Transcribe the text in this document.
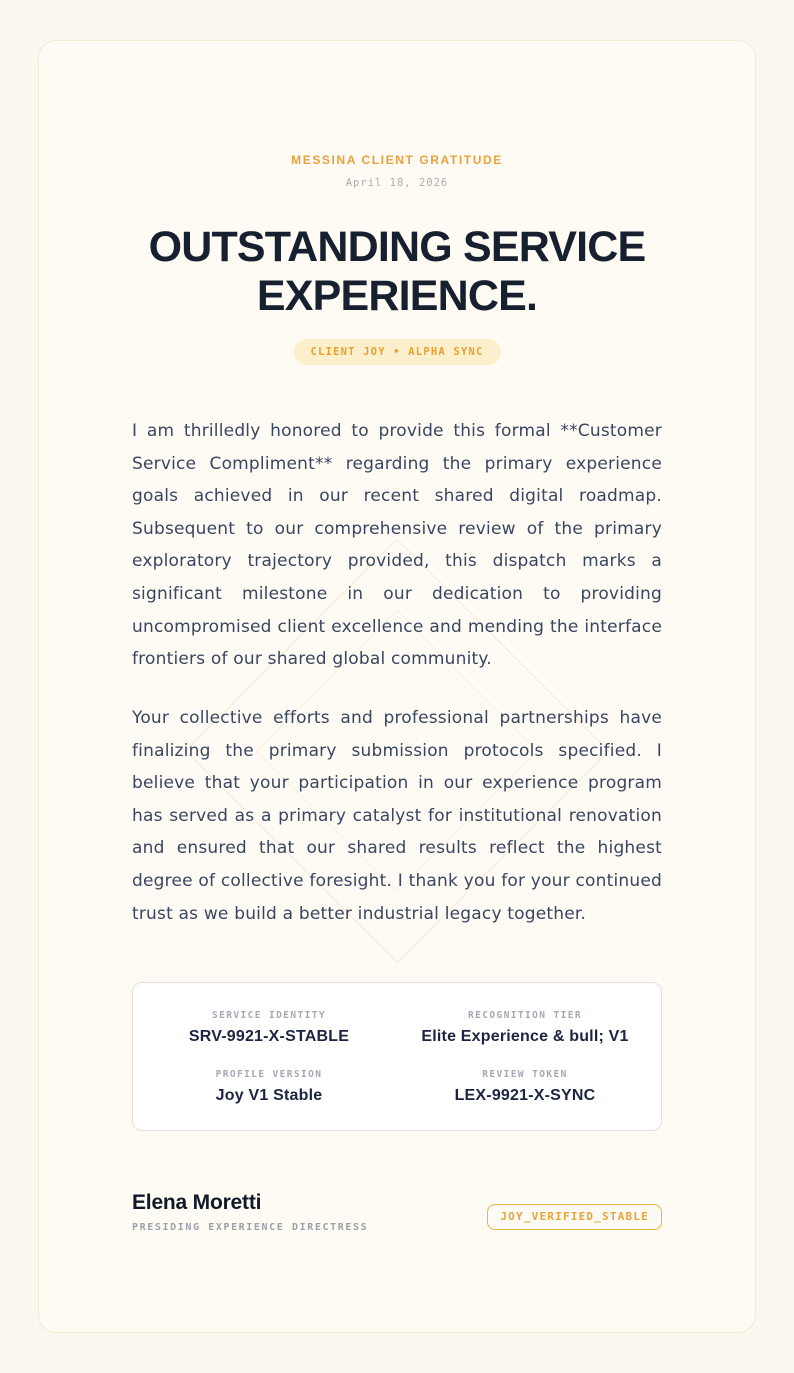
MESSINA CLIENT GRATITUDE
April 18, 2026
OUTSTANDING SERVICE EXPERIENCE.
CLIENT JOY • ALPHA SYNC

I am thrilledly honored to provide this formal **Customer Service Compliment** regarding the primary experience goals achieved in our recent shared digital roadmap. Subsequent to our comprehensive review of the primary exploratory trajectory provided, this dispatch marks a significant milestone in our dedication to providing uncompromised client excellence and mending the interface frontiers of our shared global community.

Your collective efforts and professional partnerships have finalizing the primary submission protocols specified. I believe that your participation in our experience program has served as a primary catalyst for institutional renovation and ensured that our shared results reflect the highest degree of collective foresight. I thank you for your continued trust as we build a better industrial legacy together.

SERVICE IDENTITY
SRV-9921-X-STABLE
RECOGNITION TIER
Elite Experience & bull; V1
PROFILE VERSION
Joy V1 Stable
REVIEW TOKEN
LEX-9921-X-SYNC
Elena Moretti
PRESIDING EXPERIENCE DIRECTRESS
JOY_VERIFIED_STABLE
